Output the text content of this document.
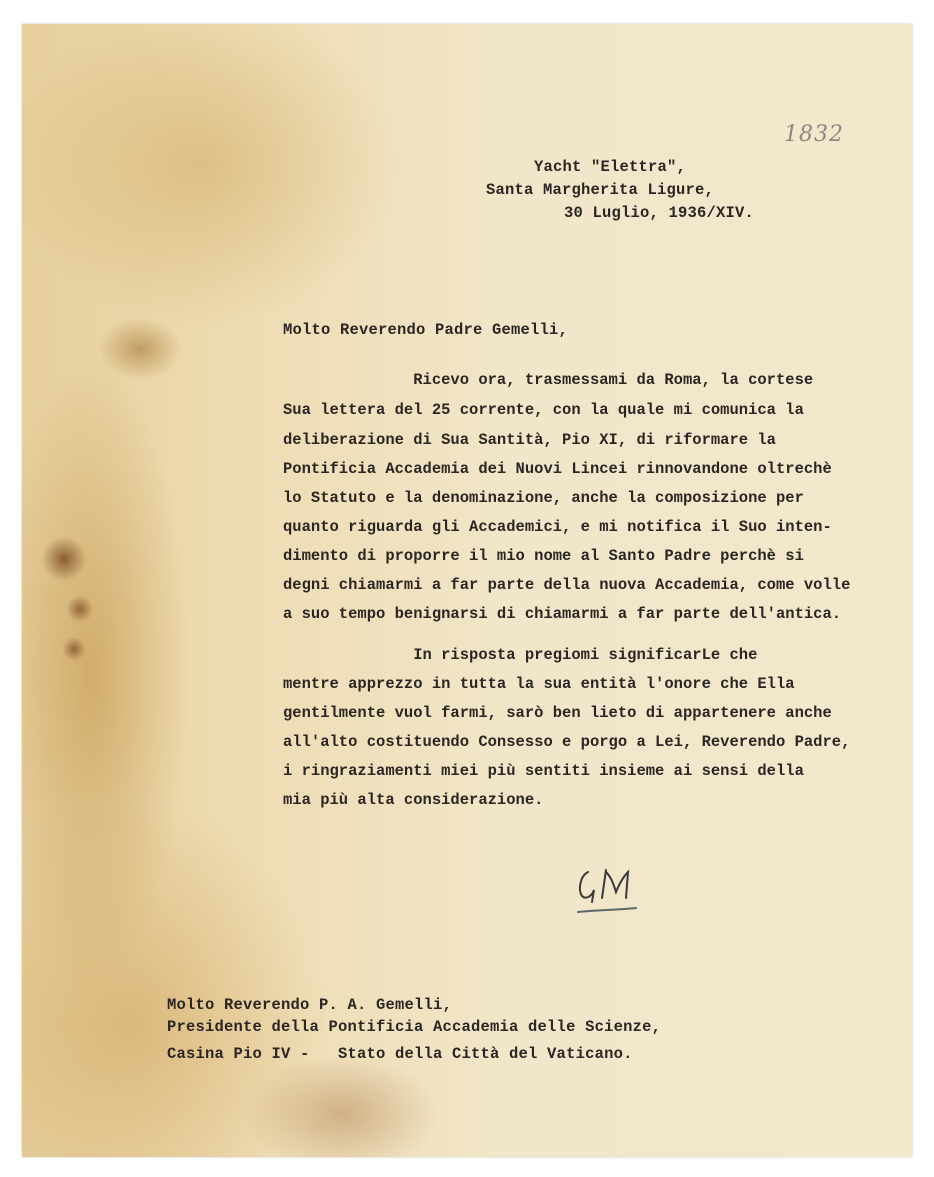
1832
Yacht "Elettra",
Santa Margherita Ligure,
30 Luglio, 1936/XIV.
Molto Reverendo Padre Gemelli,
Ricevo ora, trasmessami da Roma, la cortese
Sua lettera del 25 corrente, con la quale mi comunica la
deliberazione di Sua Santità, Pio XI, di riformare la
Pontificia Accademia dei Nuovi Lincei rinnovandone oltrechè
lo Statuto e la denominazione, anche la composizione per
quanto riguarda gli Accademici, e mi notifica il Suo inten-
dimento di proporre il mio nome al Santo Padre perchè si
degni chiamarmi a far parte della nuova Accademia, come volle
a suo tempo benignarsi di chiamarmi a far parte dell'antica.
In risposta pregiomi significarLe che
mentre apprezzo in tutta la sua entità l'onore che Ella
gentilmente vuol farmi, sarò ben lieto di appartenere anche
all'alto costituendo Consesso e porgo a Lei, Reverendo Padre,
i ringraziamenti miei più sentiti insieme ai sensi della
mia più alta considerazione.
Molto Reverendo P. A. Gemelli,
Presidente della Pontificia Accademia delle Scienze,
Casina Pio IV -   Stato della Città del Vaticano.
